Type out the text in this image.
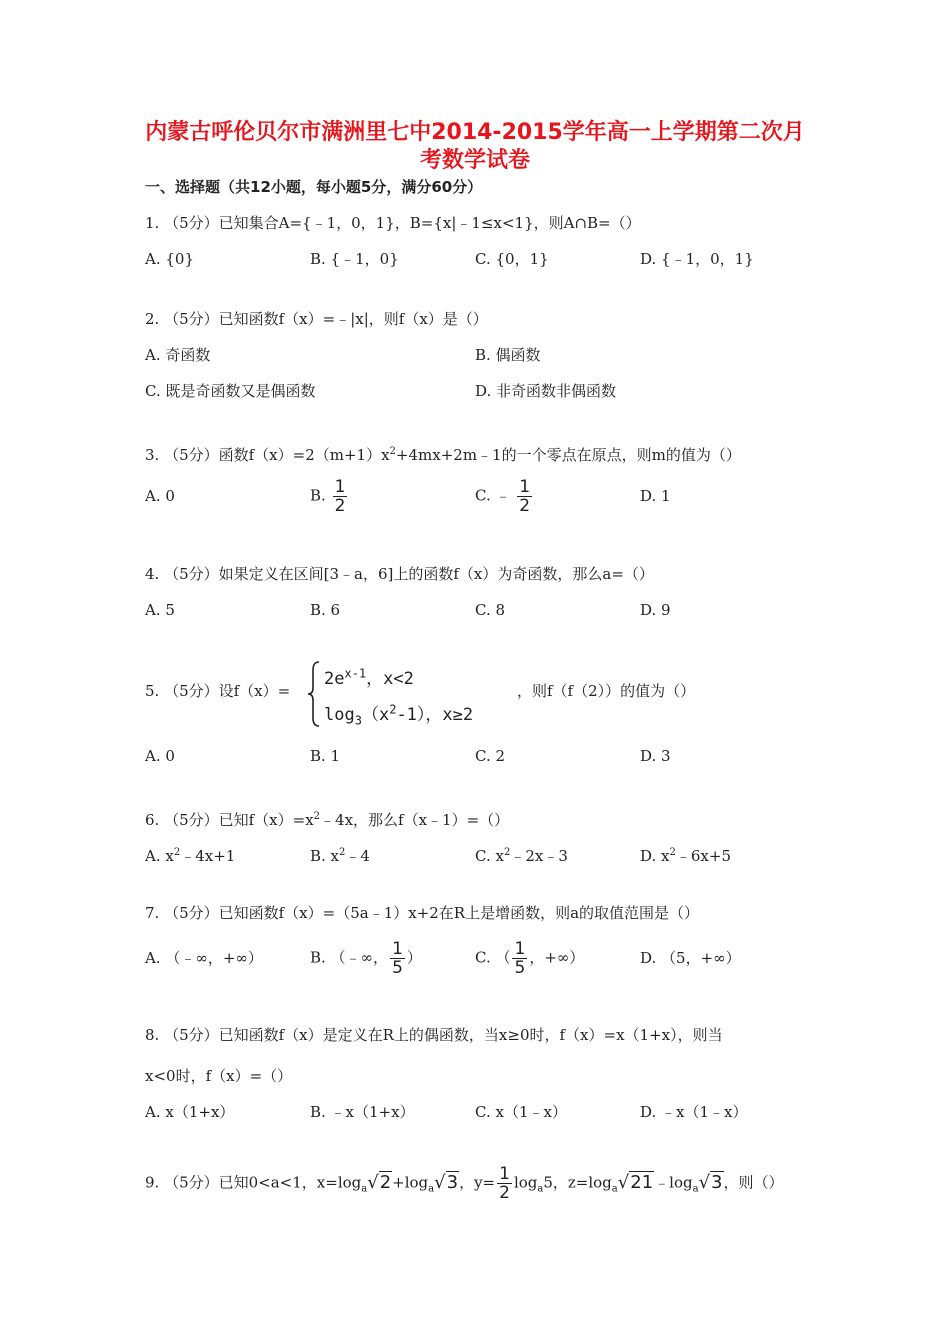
内蒙古呼伦贝尔市满洲里七中2014-2015学年高一上学期第二次月
考数学试卷
一、选择题（共12小题，每小题5分，满分60分）
1. （5分）已知集合A={﹣1，0，1}，B={x|﹣1≤x<1}，则A∩B=（）
A. {0}	B. {﹣1，0}	C. {0，1}	D. {﹣1，0，1}
2. （5分）已知函数f（x）=﹣|x|，则f（x）是（）
A. 奇函数	B. 偶函数
C. 既是奇函数又是偶函数	D. 非奇函数非偶函数
3. （5分）函数$f(x)=2(m+1)x^2+4mx+2m﹣1$的一个零点在原点，则m的值为（）
A. 0	B. $\frac{1}{2}$	C. ﹣ $\frac{1}{2}$	D. 1
4. （5分）如果定义在区间[3﹣a，6]上的函数f（x）为奇函数，那么a=（）
A. 5	B. 6	C. 8	D. 9
5. （5分）设f（x）=
$2e^{x-1}$，x<2
$\log_3(x^2-1)$，x≥2
，则f（f（2））的值为（）
A. 0	B. 1	C. 2	D. 3
6. （5分）已知$f(x)=x^2﹣4x$，那么f（x﹣1）=（）
A. $x^2﹣4x+1$	B. $x^2﹣4$	C. $x^2﹣2x﹣3$	D. $x^2﹣6x+5$
7. （5分）已知函数f（x）=（5a﹣1）x+2在R上是增函数，则a的取值范围是（）
A. （﹣∞，+∞）	B. （﹣∞， $\frac{1}{5}$ ）	C. （ $\frac{1}{5}$ ，+∞）	D. （5，+∞）
8. （5分）已知函数f（x）是定义在R上的偶函数，当x≥0时，f（x）=x（1+x），则当
x<0时，f（x）=（）
A. x（1+x）	B. ﹣x（1+x）	C. x（1﹣x）	D. ﹣x（1﹣x）
9. （5分）已知0<a<1，$x=\log_a√2+\log_a√3$，$y= \frac{1}{2} \log_a5$，$z=\log_a√21﹣\log_a√3$，则（）
